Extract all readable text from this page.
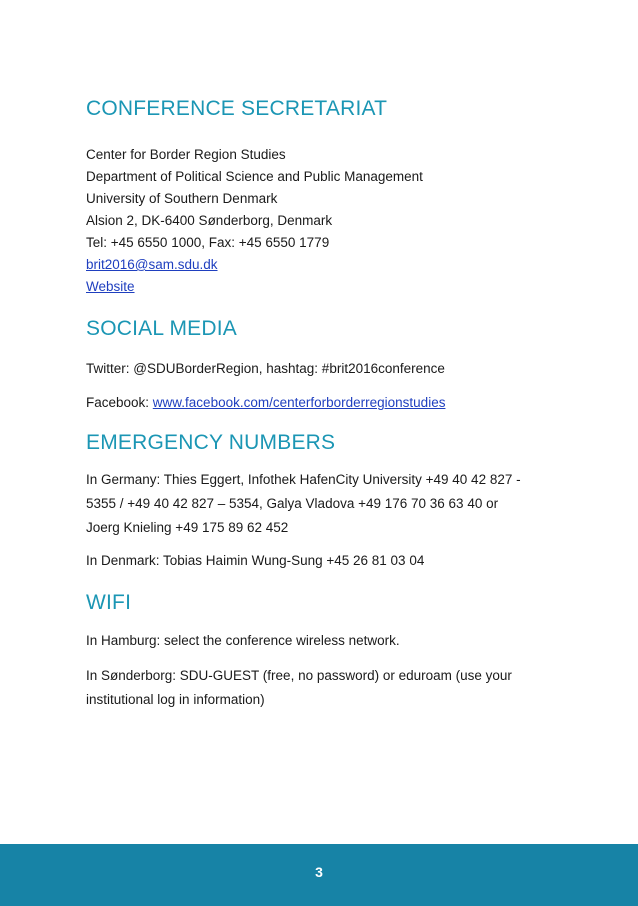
CONFERENCE SECRETARIAT

Center for Border Region Studies

Department of Political Science and Public Management

University of Southern Denmark

Alsion 2, DK-6400 Sønderborg, Denmark

Tel: +45 6550 1000, Fax: +45 6550 1779

brit2016@sam.sdu.dk

Website

SOCIAL MEDIA

Twitter: @SDUBorderRegion, hashtag: #brit2016conference

Facebook: www.facebook.com/centerforborderregionstudies

EMERGENCY NUMBERS

In Germany: Thies Eggert, Infothek HafenCity University +49 40 42 827 -

5355 / +49 40 42 827 – 5354, Galya Vladova +49 176 70 36 63 40 or

Joerg Knieling +49 175 89 62 452

In Denmark: Tobias Haimin Wung-Sung +45 26 81 03 04

WIFI

In Hamburg: select the conference wireless network.

In Sønderborg: SDU-GUEST (free, no password) or eduroam (use your

institutional log in information)

3
